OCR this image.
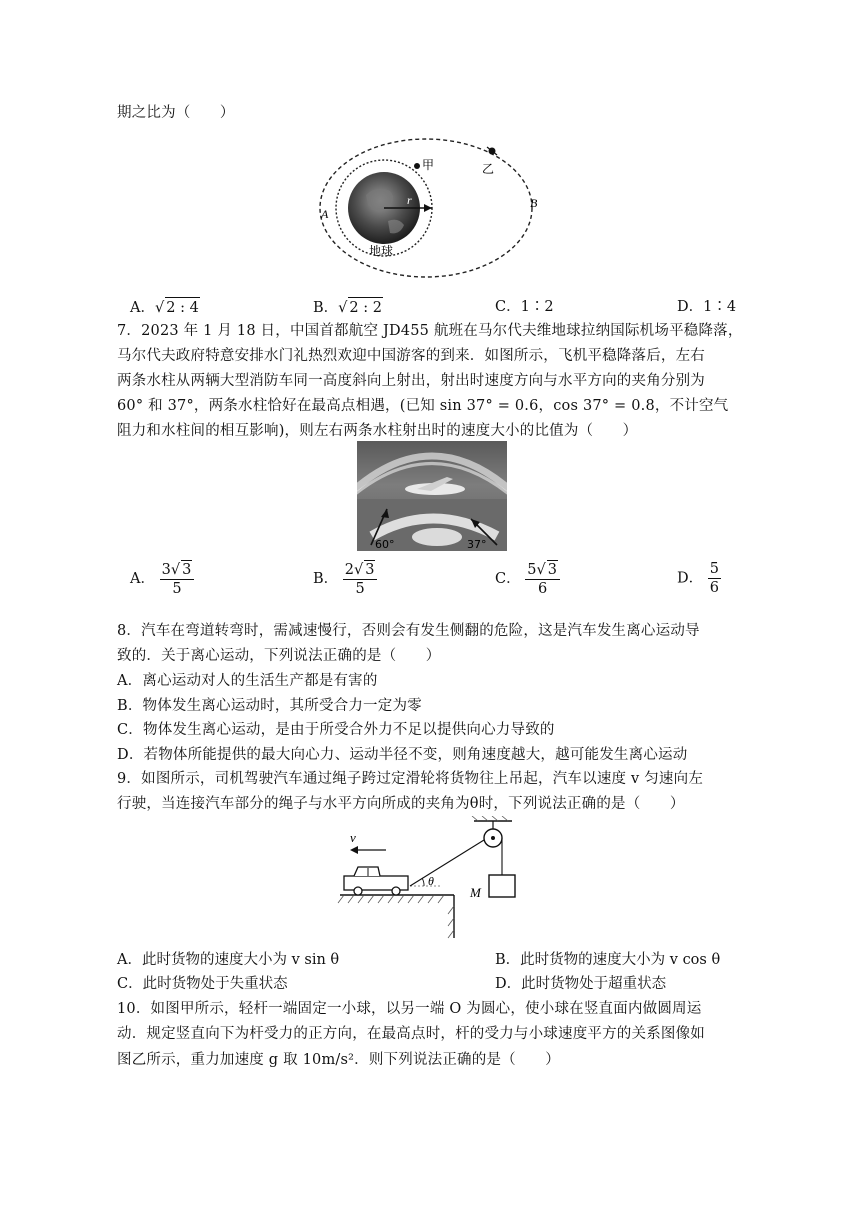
期之比为（　　）
甲	乙
A
B
r
地球
A．√ 2 : 4	B．√ 2 : 2	C．1∶2	D．1∶4
7．2023 年 1 月 18 日，中国首都航空 JD455 航班在马尔代夫维地球拉纳国际机场平稳降落，
马尔代夫政府特意安排水门礼热烈欢迎中国游客的到来．如图所示，飞机平稳降落后，左右
两条水柱从两辆大型消防车同一高度斜向上射出，射出时速度方向与水平方向的夹角分别为
60° 和 37°，两条水柱恰好在最高点相遇，(已知 sin 37° = 0.6，cos 37° = 0.8，不计空气
阻力和水柱间的相互影响)，则左右两条水柱射出时的速度大小的比值为（　　）
60°	37°
A． $\frac{3√ 3}{5}$	B． $\frac{2√ 3}{5}$	C． $\frac{5√ 3}{6}$	D． $\frac{5}{6}$
8．汽车在弯道转弯时，需减速慢行，否则会有发生侧翻的危险，这是汽车发生离心运动导
致的．关于离心运动，下列说法正确的是（　　）
A．离心运动对人的生活生产都是有害的
B．物体发生离心运动时，其所受合力一定为零
C．物体发生离心运动，是由于所受合外力不足以提供向心力导致的
D．若物体所能提供的最大向心力、运动半径不变，则角速度越大，越可能发生离心运动
9．如图所示，司机驾驶汽车通过绳子跨过定滑轮将货物往上吊起，汽车以速度 v 匀速向左
行驶，当连接汽车部分的绳子与水平方向所成的夹角为θ时，下列说法正确的是（　　）
M
θ
v
A．此时货物的速度大小为 v sin θ	B．此时货物的速度大小为 v cos θ
C．此时货物处于失重状态	D．此时货物处于超重状态
10．如图甲所示，轻杆一端固定一小球，以另一端 O 为圆心，使小球在竖直面内做圆周运
动．规定竖直向下为杆受力的正方向，在最高点时，杆的受力与小球速度平方的关系图像如
图乙所示，重力加速度 g 取 10m/s²．则下列说法正确的是（　　）
